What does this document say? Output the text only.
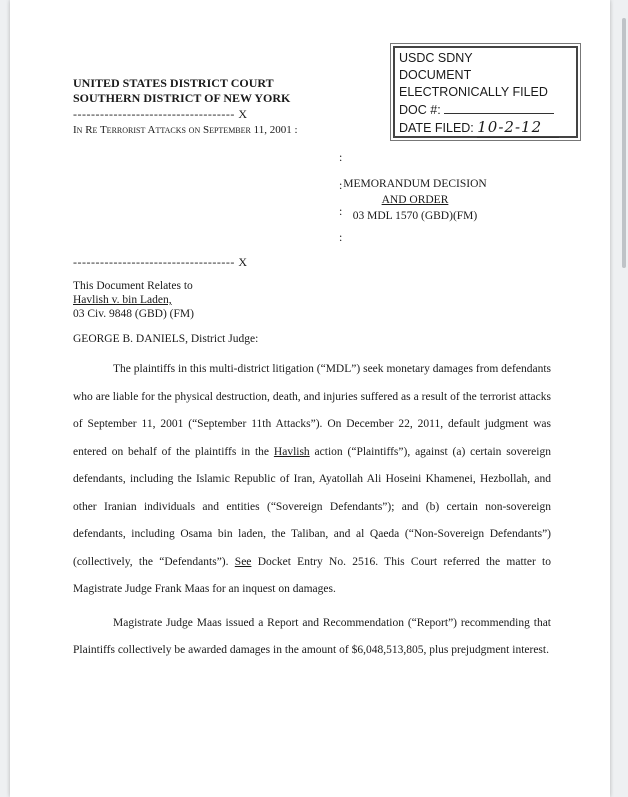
UNITED STATES DISTRICT COURT
SOUTHERN DISTRICT OF NEW YORK
------------------------------------ X
In Re Terrorist Attacks on September 11, 2001 :
:
:
:
:
------------------------------------ X
USDC SDNY
DOCUMENT
ELECTRONICALLY FILED
DOC #:
DATE FILED: 10-2-12
MEMORANDUM DECISION
AND ORDER
03 MDL 1570 (GBD)(FM)
This Document Relates to
Havlish v. bin Laden,
03 Civ. 9848 (GBD) (FM)
GEORGE B. DANIELS, District Judge:

The plaintiffs in this multi-district litigation (“MDL”) seek monetary damages from defendants who are liable for the physical destruction, death, and injuries suffered as a result of the terrorist attacks of September 11, 2001 (“September 11th Attacks”). On December 22, 2011, default judgment was entered on behalf of the plaintiffs in the Havlish action (“Plaintiffs”), against (a) certain sovereign defendants, including the Islamic Republic of Iran, Ayatollah Ali Hoseini Khamenei, Hezbollah, and other Iranian individuals and entities (“Sovereign Defendants”); and (b) certain non-sovereign defendants, including Osama bin laden, the Taliban, and al Qaeda (“Non-Sovereign Defendants”) (collectively, the “Defendants”). See Docket Entry No. 2516. This Court referred the matter to Magistrate Judge Frank Maas for an inquest on damages.

Magistrate Judge Maas issued a Report and Recommendation (“Report”) recommending that Plaintiffs collectively be awarded damages in the amount of $6,048,513,805, plus prejudgment interest.
